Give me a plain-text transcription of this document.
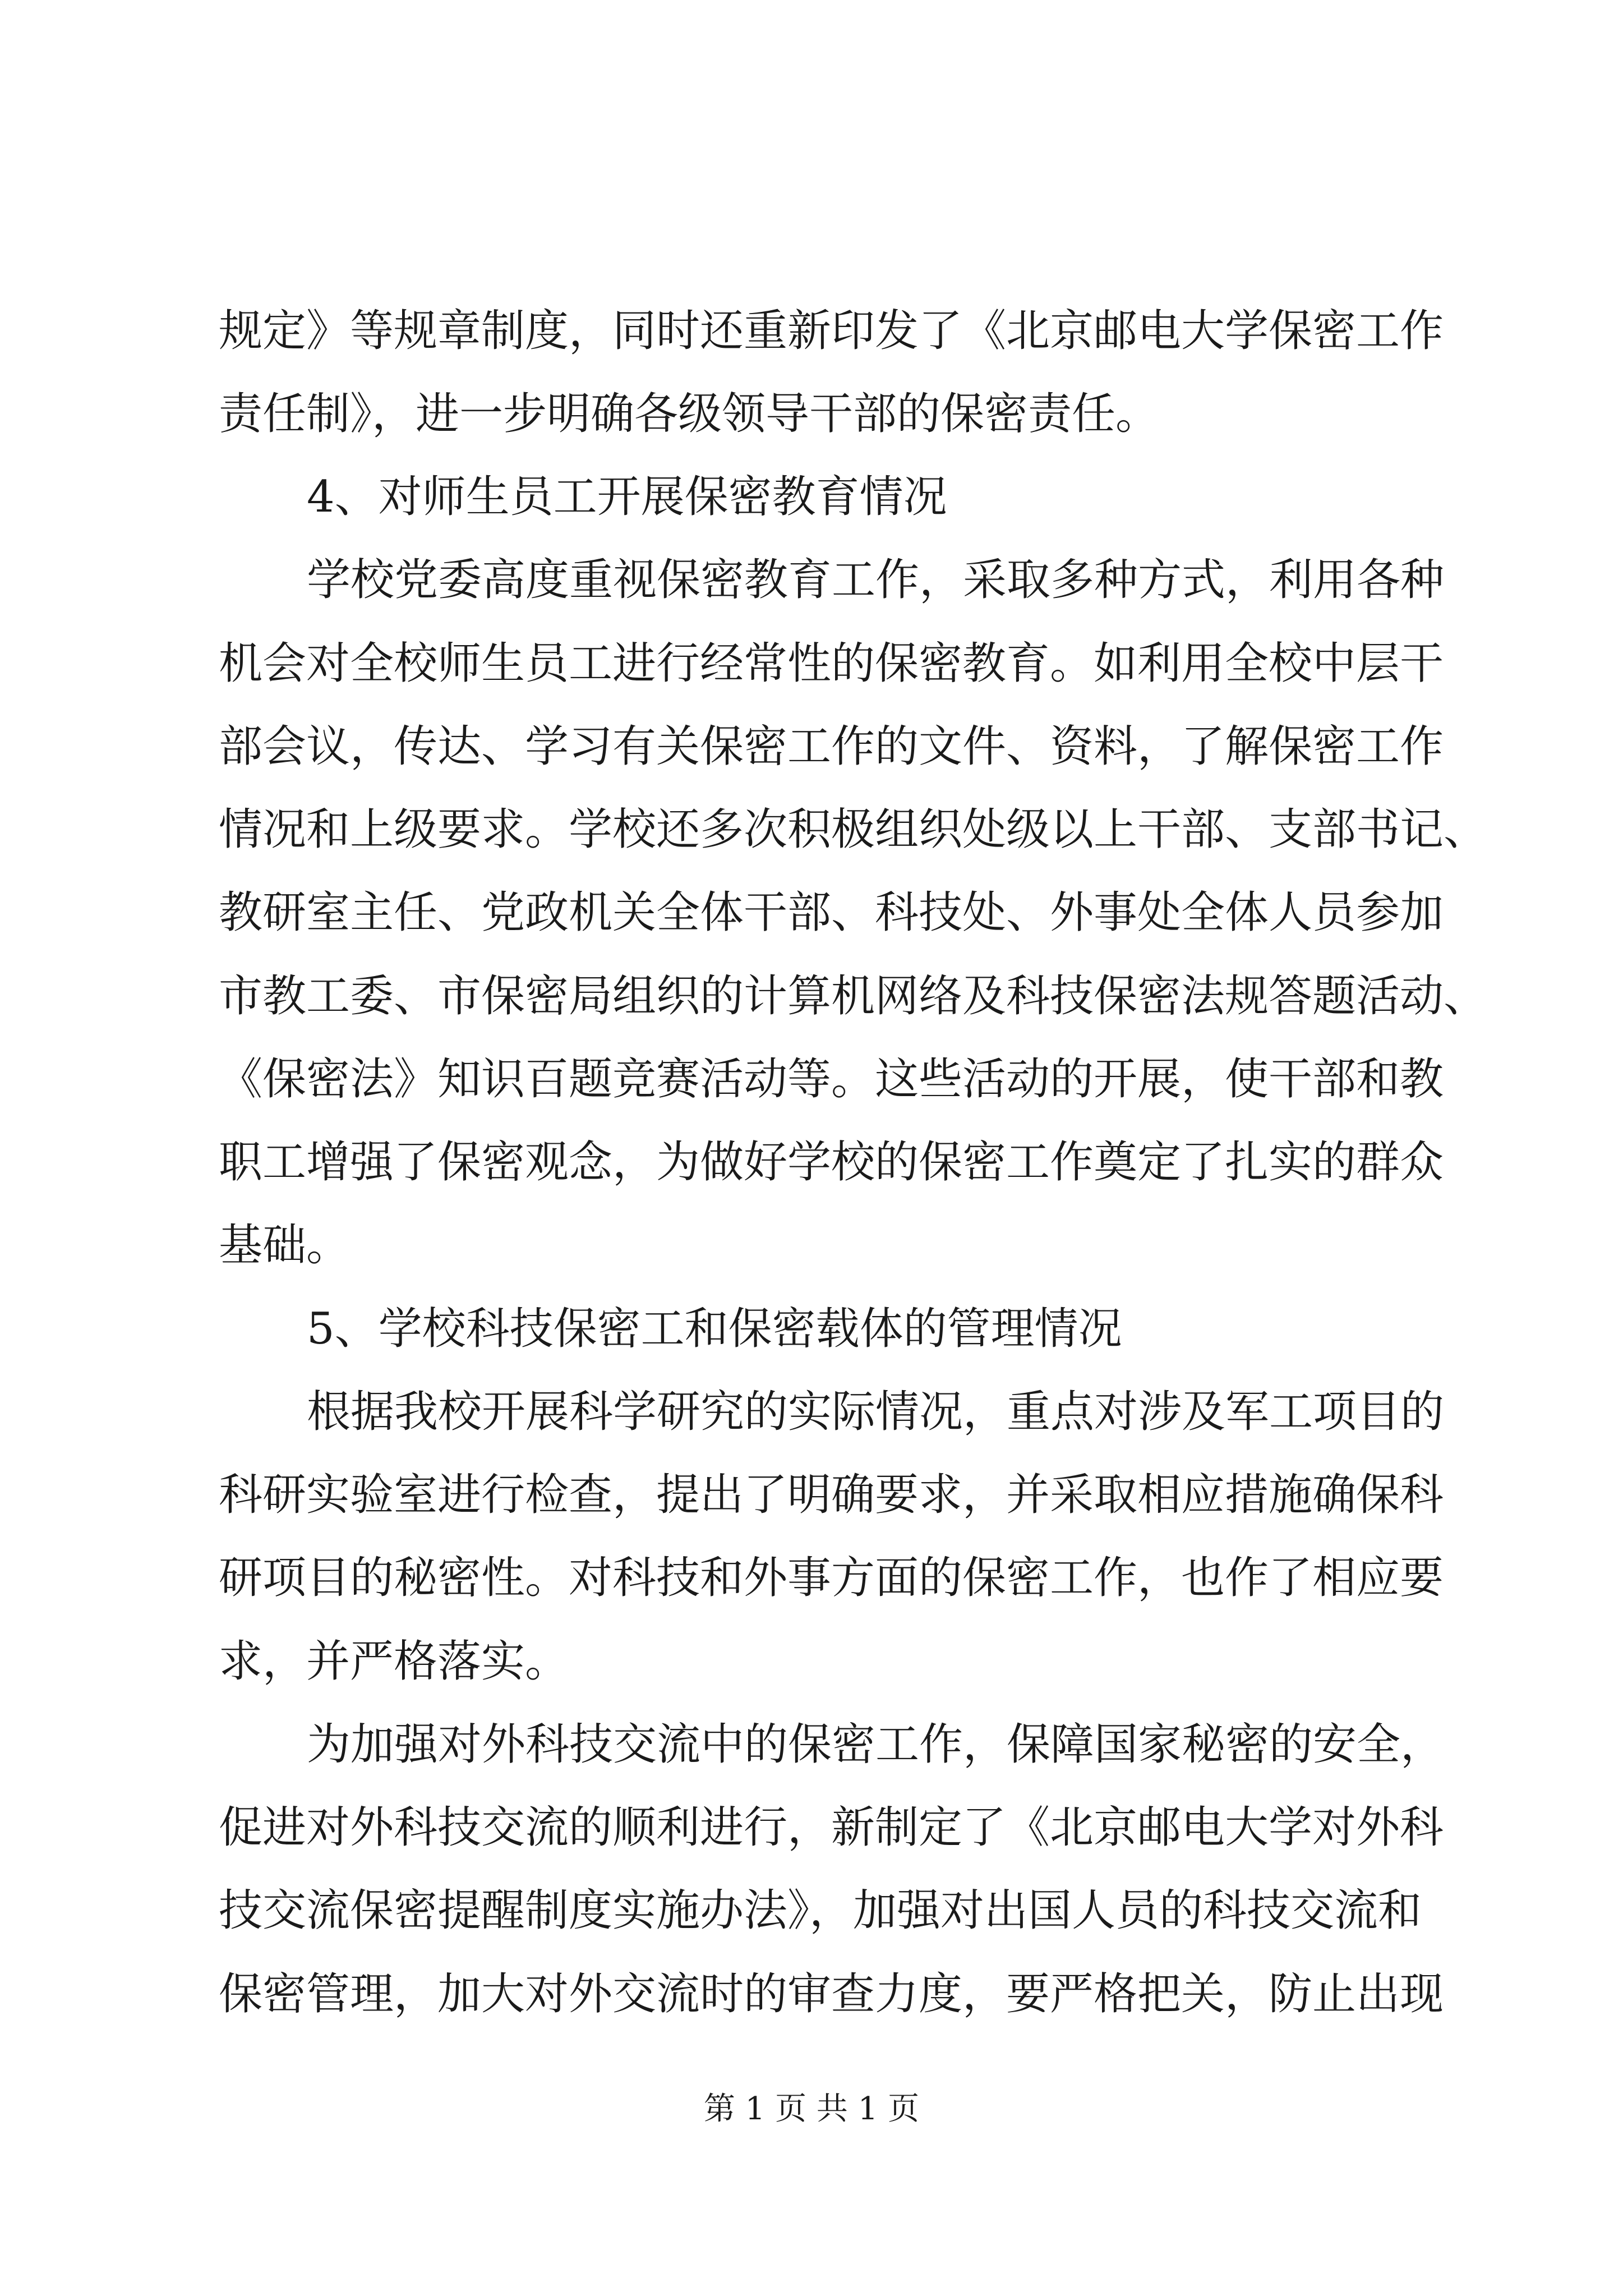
规定》等规章制度，同时还重新印发了《北京邮电大学保密工作
责任制》，进一步明确各级领导干部的保密责任。
4、对师生员工开展保密教育情况
学校党委高度重视保密教育工作，采取多种方式，利用各种
机会对全校师生员工进行经常性的保密教育。如利用全校中层干
部会议，传达、学习有关保密工作的文件、资料，了解保密工作
情况和上级要求。学校还多次积极组织处级以上干部、支部书记、
教研室主任、党政机关全体干部、科技处、外事处全体人员参加
市教工委、市保密局组织的计算机网络及科技保密法规答题活动、
《保密法》知识百题竞赛活动等。这些活动的开展，使干部和教
职工增强了保密观念，为做好学校的保密工作奠定了扎实的群众
基础。
5、学校科技保密工和保密载体的管理情况
根据我校开展科学研究的实际情况，重点对涉及军工项目的
科研实验室进行检查，提出了明确要求，并采取相应措施确保科
研项目的秘密性。对科技和外事方面的保密工作，也作了相应要
求，并严格落实。
为加强对外科技交流中的保密工作，保障国家秘密的安全，
促进对外科技交流的顺利进行，新制定了《北京邮电大学对外科
技交流保密提醒制度实施办法》，加强对出国人员的科技交流和
保密管理，加大对外交流时的审查力度，要严格把关，防止出现
第 1 页 共 1 页
